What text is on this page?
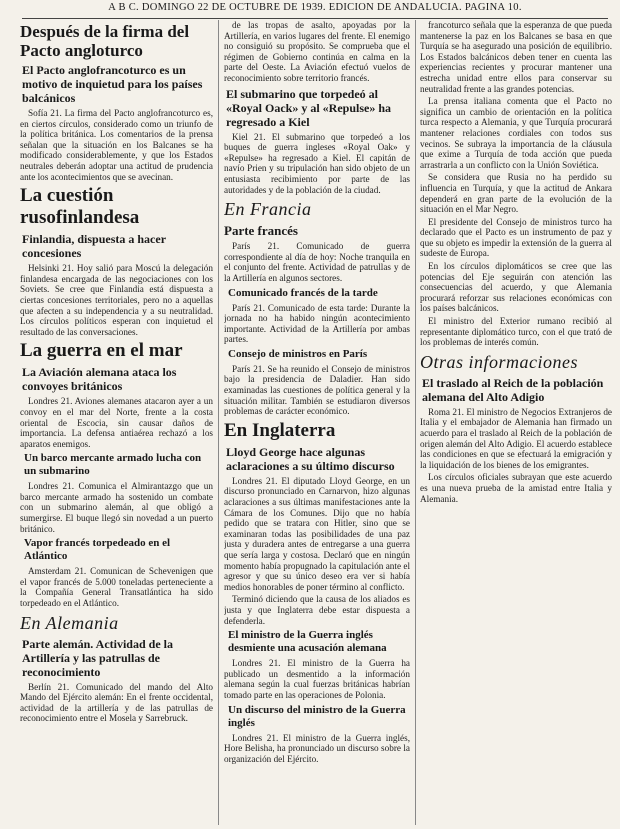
A B C. DOMINGO 22 DE OCTUBRE DE 1939. EDICION DE ANDALUCIA. PAGINA 10.
Después de la firma del Pacto angloturco
El Pacto anglofrancoturco es un motivo de inquietud para los países balcánicos

Sofía 21. La firma del Pacto anglofrancoturco es, en ciertos círculos, considerado como un triunfo de la política británica. Los comentarios de la prensa señalan que la situación en los Balcanes se ha modificado considerablemente, y que los Estados neutrales deberán adoptar una actitud de prudencia ante los acontecimientos que se avecinan.

La cuestión rusofinlandesa
Finlandia, dispuesta a hacer concesiones

Helsinki 21. Hoy salió para Moscú la delegación finlandesa encargada de las negociaciones con los Soviets. Se cree que Finlandia está dispuesta a ciertas concesiones territoriales, pero no a aquellas que afecten a su independencia y a su neutralidad. Los círculos políticos esperan con inquietud el resultado de las conversaciones.

La guerra en el mar
La Aviación alemana ataca los convoyes británicos

Londres 21. Aviones alemanes atacaron ayer a un convoy en el mar del Norte, frente a la costa oriental de Escocia, sin causar daños de importancia. La defensa antiaérea rechazó a los aparatos enemigos.

Un barco mercante armado lucha con un submarino

Londres 21. Comunica el Almirantazgo que un barco mercante armado ha sostenido un combate con un submarino alemán, al que obligó a sumergirse. El buque llegó sin novedad a un puerto británico.

Vapor francés torpedeado en el Atlántico

Amsterdam 21. Comunican de Schevenigen que el vapor francés de 5.000 toneladas perteneciente a la Compañía General Transatlántica ha sido torpedeado en el Atlántico.

En Alemania
Parte alemán. Actividad de la Artillería y las patrullas de reconocimiento

Berlín 21. Comunicado del mando del Alto Mando del Ejército alemán: En el frente occidental, actividad de la artillería y de las patrullas de reconocimiento entre el Mosela y Sarrebruck.

de las tropas de asalto, apoyadas por la Artillería, en varios lugares del frente. El enemigo no consiguió su propósito. Se comprueba que el régimen de Gobierno continúa en calma en la parte del Oeste. La Aviación efectuó vuelos de reconocimiento sobre territorio francés.

El submarino que torpedeó al «Royal Oack» y al «Repulse» ha regresado a Kiel

Kiel 21. El submarino que torpedeó a los buques de guerra ingleses «Royal Oak» y «Repulse» ha regresado a Kiel. El capitán de navío Prien y su tripulación han sido objeto de un entusiasta recibimiento por parte de las autoridades y de la población de la ciudad.

En Francia
Parte francés

París 21. Comunicado de guerra correspondiente al día de hoy: Noche tranquila en el conjunto del frente. Actividad de patrullas y de la Artillería en algunos sectores.

Comunicado francés de la tarde

París 21. Comunicado de esta tarde: Durante la jornada no ha habido ningún acontecimiento importante. Actividad de la Artillería por ambas partes.

Consejo de ministros en París

París 21. Se ha reunido el Consejo de ministros bajo la presidencia de Daladier. Han sido examinadas las cuestiones de política general y la situación militar. También se estudiaron diversos problemas de carácter económico.

En Inglaterra
Lloyd George hace algunas aclaraciones a su último discurso

Londres 21. El diputado Lloyd George, en un discurso pronunciado en Carnarvon, hizo algunas aclaraciones a sus últimas manifestaciones ante la Cámara de los Comunes. Dijo que no había pedido que se tratara con Hitler, sino que se examinaran todas las posibilidades de una paz justa y duradera antes de entregarse a una guerra que sería larga y costosa. Declaró que en ningún momento había propugnado la capitulación ante el agresor y que su único deseo era ver si había medios honorables de poner término al conflicto.

Terminó diciendo que la causa de los aliados es justa y que Inglaterra debe estar dispuesta a defenderla.

El ministro de la Guerra inglés desmiente una acusación alemana

Londres 21. El ministro de la Guerra ha publicado un desmentido a la información alemana según la cual fuerzas británicas habrían tomado parte en las operaciones de Polonia.

Un discurso del ministro de la Guerra inglés

Londres 21. El ministro de la Guerra inglés, Hore Belisha, ha pronunciado un discurso sobre la organización del Ejército.

francoturco señala que la esperanza de que pueda mantenerse la paz en los Balcanes se basa en que Turquía se ha asegurado una posición de equilibrio. Los Estados balcánicos deben tener en cuenta las experiencias recientes y procurar mantener una estrecha unidad entre ellos para conservar su neutralidad frente a las grandes potencias.

La prensa italiana comenta que el Pacto no significa un cambio de orientación en la política turca respecto a Alemania, y que Turquía procurará mantener relaciones cordiales con todos sus vecinos. Se subraya la importancia de la cláusula que exime a Turquía de toda acción que pueda arrastrarla a un conflicto con la Unión Soviética.

Se considera que Rusia no ha perdido su influencia en Turquía, y que la actitud de Ankara dependerá en gran parte de la evolución de la situación en el Mar Negro.

El presidente del Consejo de ministros turco ha declarado que el Pacto es un instrumento de paz y que su objeto es impedir la extensión de la guerra al sudeste de Europa.

En los círculos diplomáticos se cree que las potencias del Eje seguirán con atención las consecuencias del acuerdo, y que Alemania procurará reforzar sus relaciones económicas con los países balcánicos.

El ministro del Exterior rumano recibió al representante diplomático turco, con el que trató de los problemas de interés común.

Otras informaciones
El traslado al Reich de la población alemana del Alto Adigio

Roma 21. El ministro de Negocios Extranjeros de Italia y el embajador de Alemania han firmado un acuerdo para el traslado al Reich de la población de origen alemán del Alto Adigio. El acuerdo establece las condiciones en que se efectuará la emigración y la liquidación de los bienes de los emigrantes.

Los círculos oficiales subrayan que este acuerdo es una nueva prueba de la amistad entre Italia y Alemania.
